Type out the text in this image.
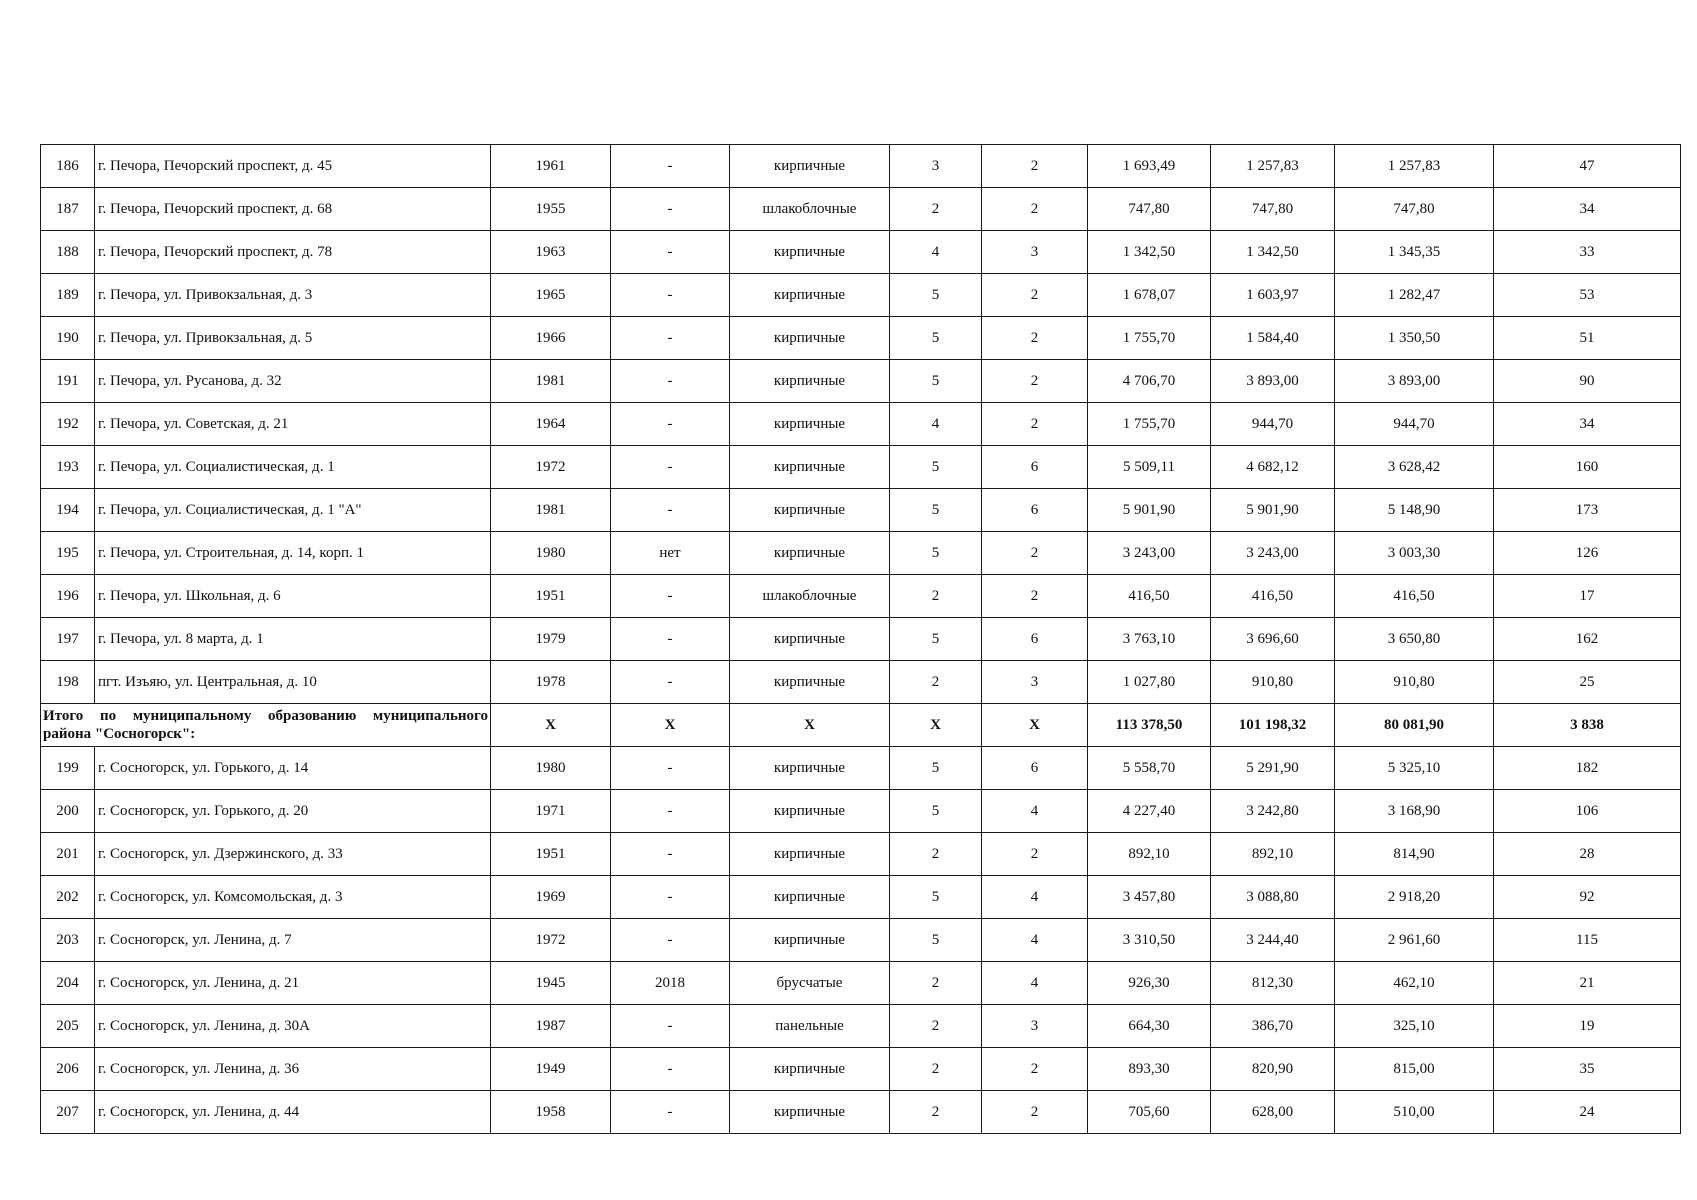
186	г. Печора, Печорский проспект, д. 45	1961	-	кирпичные	3	2	1 693,49	1 257,83	1 257,83	47
187	г. Печора, Печорский проспект, д. 68	1955	-	шлакоблочные	2	2	747,80	747,80	747,80	34
188	г. Печора, Печорский проспект, д. 78	1963	-	кирпичные	4	3	1 342,50	1 342,50	1 345,35	33
189	г. Печора, ул. Привокзальная, д. 3	1965	-	кирпичные	5	2	1 678,07	1 603,97	1 282,47	53
190	г. Печора, ул. Привокзальная, д. 5	1966	-	кирпичные	5	2	1 755,70	1 584,40	1 350,50	51
191	г. Печора, ул. Русанова, д. 32	1981	-	кирпичные	5	2	4 706,70	3 893,00	3 893,00	90
192	г. Печора, ул. Советская, д. 21	1964	-	кирпичные	4	2	1 755,70	944,70	944,70	34
193	г. Печора, ул. Социалистическая, д. 1	1972	-	кирпичные	5	6	5 509,11	4 682,12	3 628,42	160
194	г. Печора, ул. Социалистическая, д. 1 "А"	1981	-	кирпичные	5	6	5 901,90	5 901,90	5 148,90	173
195	г. Печора, ул. Строительная, д. 14, корп. 1	1980	нет	кирпичные	5	2	3 243,00	3 243,00	3 003,30	126
196	г. Печора, ул. Школьная, д. 6	1951	-	шлакоблочные	2	2	416,50	416,50	416,50	17
197	г. Печора, ул. 8 марта, д. 1	1979	-	кирпичные	5	6	3 763,10	3 696,60	3 650,80	162
198	пгт. Изъяю, ул. Центральная, д. 10	1978	-	кирпичные	2	3	1 027,80	910,80	910,80	25
Итого по муниципальному образованию муниципального района "Сосногорск":		X	X	X	X	X	113 378,50	101 198,32	80 081,90	3 838
199	г. Сосногорск, ул. Горького, д. 14	1980	-	кирпичные	5	6	5 558,70	5 291,90	5 325,10	182
200	г. Сосногорск, ул. Горького, д. 20	1971	-	кирпичные	5	4	4 227,40	3 242,80	3 168,90	106
201	г. Сосногорск, ул. Дзержинского, д. 33	1951	-	кирпичные	2	2	892,10	892,10	814,90	28
202	г. Сосногорск, ул. Комсомольская, д. 3	1969	-	кирпичные	5	4	3 457,80	3 088,80	2 918,20	92
203	г. Сосногорск, ул. Ленина, д. 7	1972	-	кирпичные	5	4	3 310,50	3 244,40	2 961,60	115
204	г. Сосногорск, ул. Ленина, д. 21	1945	2018	брусчатые	2	4	926,30	812,30	462,10	21
205	г. Сосногорск, ул. Ленина, д. 30А	1987	-	панельные	2	3	664,30	386,70	325,10	19
206	г. Сосногорск, ул. Ленина, д. 36	1949	-	кирпичные	2	2	893,30	820,90	815,00	35
207	г. Сосногорск, ул. Ленина, д. 44	1958	-	кирпичные	2	2	705,60	628,00	510,00	24
